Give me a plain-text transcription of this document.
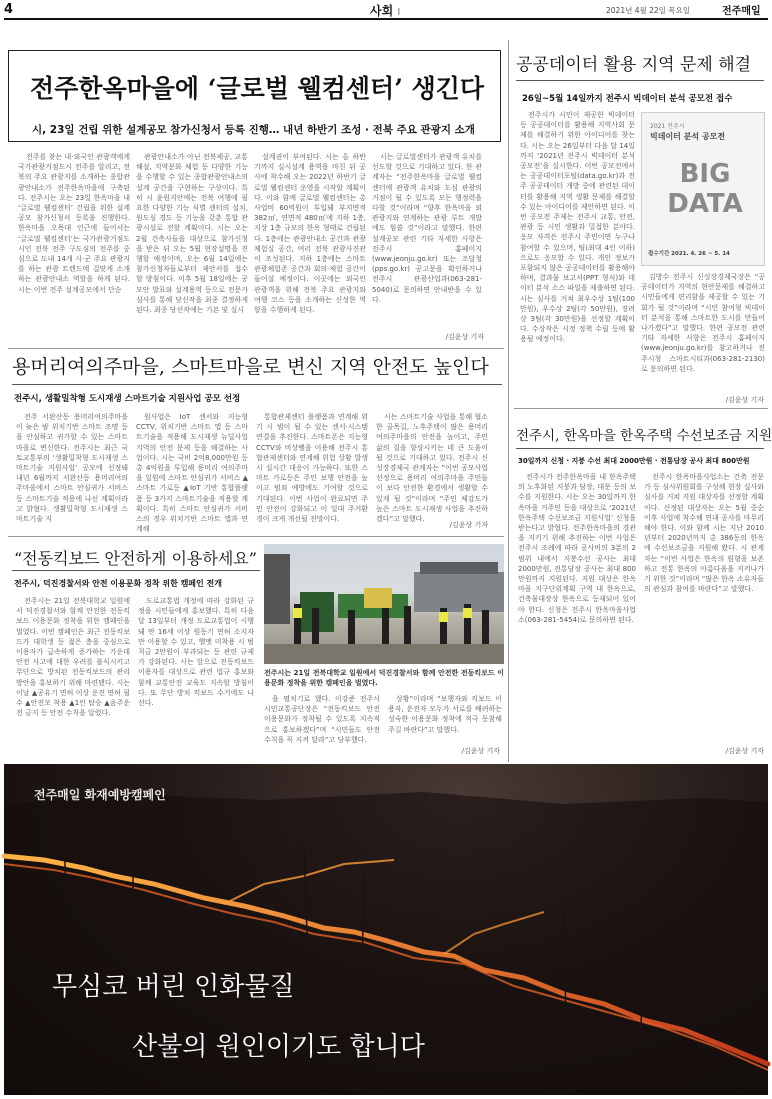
4	사회 I	2021년 4월 22일 목요일	전주매일
전주한옥마을에 ‘글로벌 웰컴센터’ 생긴다
시, 23일 건립 위한 설계공모 참가신청서 등록 진행… 내년 하반기 조성 · 전북 주요 관광지 소개

전주를 찾는 내·외국인 관광객에게 국가관광거점도시 전주를 알리고, 전북의 주요 관광지를 소개하는 종합관광안내소가 전주한옥마을에 구축된다. 전주시는 오는 23일 한옥마을 내 ‘글로벌 웰컴센터’ 건립을 위한 설계공모 참가신청서 등록을 진행한다. 한옥마을 오목대 인근에 들어서는 ‘글로벌 웰컴센터’는 국가관광거점도시인 전북 전주 구도심의 전주를 중심으로 도내 14개 시·군 주요 관광지를 하는 관광 트렌드에 걸맞게 소개하는 관광안내소 역할을 하게 된다. 시는 이번 전주 설계공모에서 단순

관광안내소가 아닌 전북제공, 교통해설, 지역문화 체험 등 다양한 기능을 수행할 수 있는 종합관광안내소의 설계 공간을 구현하는 구상이다. 특히 시 윤원지안에는 전북 여행에 필요한 다양한 기능 식별 센터의 설치, 원도심 경도 등 기능을 갖춘 통합 관광시설로 전할 계획이다. 시는 오는 2월 건축사들을 대상으로 참가신청을 받은 뒤 오는 5월 현장설명을 진행할 예정이며, 오는 6월 14일에는 참가신청자들로부터 제안서를 접수할 방침이다. 이후 5월 18일에는 공모안 발표와 설계용역 등으로 전문가 심사를 통해 당선작을 최종 결정하게 된다. 최종 당선작에는 기본 및 실시

설계권이 부여된다. 시는 올 하반기까지 실시설계 용역을 마친 뒤 공사에 착수해 오는 2022년 하반기 글로벌 웰컴센터 운영을 시작할 계획이다. 이와 함께 글로벌 웰컴센터는 총사업비 60억원이 투입돼 부지면적 382㎡, 연면적 480㎡에 지하 1층, 지상 1층 규모의 한옥 형태로 건립된다. 1층에는 관광안내소 공간과 관광체험실 공간, 여러 전북 관광사진관이 조성된다. 지하 1층에는 스마트 관광체험존 공간과 회의·체험 공간이 들어설 예정이다. 이곳에는 외국인 관광객을 위해 전북 주요 관광지와 여행 코스 등을 소개하는 신성한 역할을 수행하게 된다.

시는 글로벌센터가 관광객 유치를 선도할 것으로 기대하고 있다. 한 관계자는 “전주한옥마을 글로벌 웰컴센터에 관광객 유치와 도심 관광의 거점이 될 수 있도록 모든 행정력을 다할 것”이라며 “향후 한옥마을 외 관광지와 연계하는 관광 루트 개발에도 힘쓸 것”이라고 말했다. 한편 설계공모 관련 기타 자세한 사항은 전주시 홈페이지(www.jeonju.go.kr) 또는 조달청(pps.go.kr) 공고문을 확인하거나 전주시 관광산업과(063-281-5040)로 문의하면 안내받을 수 있다.

/김윤상 기자
공공데이터 활용 지역 문제 해결
26일~5월 14일까지 전주시 빅데이터 분석 공모전 접수

전주시가 시민이 제공한 빅데이터 등 공공데이터를 활용해 지역사회 문제를 해결하기 위한 아이디어를 찾는다. 시는 오는 26일부터 다음 달 14일까지 ‘2021년 전주시 빅데이터 분석 공모전’을 실시한다. 이번 공모전에서는 공공데이터포털(data.go.kr)과 전주 공공데이터 개방 중에 관련된 데이터를 활용해 지역 생활 문제를 해결할 수 있는 아이디어를 제안하면 된다. 이번 공모전 주제는 전주시 교통, 안전, 관광 등 시민 생활과 밀접한 분야다. 응모 자격은 전주시 주민이면 누구나 참여할 수 있으며, 팀(최대 4인 이하)으로도 응모할 수 있다. 개인 정보가 포함되지 않은 공공데이터를 활용해야 하며, 결과물 보고서(PPT 형식)와 데이터 분석 소스 파일을 제출하면 된다. 시는 심사를 거쳐 최우수상 1팀(100만원), 우수상 2팀(각 50만원), 장려상 3팀(각 30만원)을 선정할 계획이다. 수상작은 시정 정책 수립 등에 활용될 예정이다.

2021 전주시
빅데이터 분석 공모전
BIG DATA
접수기간 2021. 4. 26 ~ 5. 14

김방수 전주시 신성장경제국장은 “공공데이터가 지역의 현안문제를 해결하고 시민들에게 편리함을 제공할 수 있는 기회가 될 것”이라며 “시민 참여형 빅데이터 분석을 통해 스마트한 도시를 만들어 나가겠다”고 말했다. 한편 공모전 관련 기타 자세한 사항은 전주시 홈페이지(www.jeonju.go.kr)를 참고하거나 전주시청 스마트시티과(063-281-2130)로 문의하면 된다.

/김윤상 기자
용머리여의주마을, 스마트마을로 변신 지역 안전도 높인다
전주시, 생활밀착형 도시재생 스마트기술 지원사업 공모 선정

전주 서완산동 용머리여의주마을이 늦은 밤 위치기반 스마트 조명 등을 안심하고 귀가할 수 있는 스마트마을로 변신한다. 전주시는 최근 국토교통부의 ‘생활밀착형 도시재생 스마트기술 지원사업’ 공모에 선정돼 내년 6월까지 서완산동 용머리여의주마을에서 스마트 안심귀가 서비스 등 스마트기술 적용에 나선 계획이라고 밝혔다. 생활밀착형 도시재생 스마트기술 지

원사업은 IoT 센서와 지능형 CCTV, 위치기반 스마트 앱 등 스마트기술을 적용해 도시재생 뉴딜사업 지역의 안전 문제 등을 해결하는 사업이다. 시는 국비 2억8,000만원 등 총 4억원을 투입해 용머리 여의주마을 일원에 스마트 안심귀가 서비스 ▲스마트 가로등 ▲IoT 기반 통합플랫폼 등 3가지 스마트기술을 적용할 계획이다. 특히 스마트 안심귀가 서비스의 경우 위치기반 스마트 앱과 연계해

통합관제센터 플랫폼과 연계해 위기 시 범이 될 수 있는 센서·시스템 연결을 추진한다. 스마트폰은 지능형 CCTV와 비상벨을 이용해 전주시 통합관제센터와 연계해 위험 상황 발생 시 실시간 대응이 가능하다. 또한 스마트 가로등은 주민 보행 안전을 높이고 범죄 예방에도 기여할 것으로 기대된다. 이번 사업이 완료되면 주민 안전이 강화되고 이 일대 주거환경이 크게 개선될 전망이다.

시는 스마트기술 사업을 통해 협소한 골목길, 노후주택이 많은 용머리여의주마을의 안전을 높이고, 주민 삶의 질을 향상시키는 데 큰 도움이 될 것으로 기대하고 있다. 전주시 신성장경제국 관계자는 “이번 공모사업 선정으로 용머리 여의주마을 주민들이 보다 안전한 환경에서 생활할 수 있게 될 것”이라며 “주민 체감도가 높은 스마트 도시재생 사업을 추진하겠다”고 말했다.

/김윤상 기자
전주시, 한옥마을 한옥주택 수선보조금 지원
30일까지 신청 · 지붕 수선 최대 2000만원 · 전통담장 공사 최대 800만원

전주시가 전주한옥마을 내 한옥주택의 노후화된 지붕과 담장, 대문 등의 보수를 지원한다. 시는 오는 30일까지 한옥마을 거주민 등을 대상으로 ‘2021년 한옥주택 수선보조금 지원사업’ 신청을 받는다고 밝혔다. 전주한옥마을의 경관을 지키기 위해 추진하는 이번 사업은 전주시 조례에 따라 공사비의 3분의 2 범위 내에서 지붕수선 공사는 최대 2000만원, 전통담장 공사는 최대 800만원까지 지원된다. 지원 대상은 한옥마을 지구단위계획 구역 내 한옥으로, 건축물대장상 한옥으로 등재되어 있어야 한다. 신청은 전주시 한옥마을사업소(063-281-5454)로 문의하면 된다.

전주시 한옥마을사업소는 건축 전문가 등 심사위원회를 구성해 현장 실사와 심사를 거쳐 지원 대상자를 선정할 계획이다. 선정된 대상자는 오는 5월 중순 이후 사업에 착수해 연내 공사를 마무리해야 한다. 이와 함께 시는 지난 2010년부터 2020년까지 총 386동의 한옥에 수선보조금을 지원해 왔다. 시 관계자는 “이번 사업은 한옥의 원형을 보존하고 전통 한옥의 아름다움을 지켜나가기 위한 것”이라며 “많은 한옥 소유자들의 관심과 참여를 바란다”고 말했다.

/김윤상 기자
“전동킥보드 안전하게 이용하세요”
전주시, 덕진경찰서와 안전 이용문화 정착 위한 캠페인 전개

전주시는 21일 전북대학교 일원에서 덕진경찰서와 함께 안전한 전동킥보드 이용문화 정착을 위한 캠페인을 벌였다. 이번 캠페인은 최근 전동킥보드가 대학생 등 젊은 층을 중심으로 이용자가 급속하게 증가하는 가운데 안전 사고에 대한 우려를 불식시키고 무단으로 방치된 전동킥보드의 관리 방안을 홍보하기 위해 마련됐다. 시는 이날 ▲공유기 면허 이상 운전 면허 필수 ▲안전모 착용 ▲1인 탑승 ▲음주운전 금지 등 안전 수칙을 알렸다.

도로교통법 개정에 따라 강화된 규정을 시민들에게 홍보했다. 특히 다음 달 13일부터 개정 도로교통법이 시행돼 만 16세 이상 원동기 면허 소지자만 이용할 수 있고, 헬멧 미착용 시 범칙금 2만원이 부과되는 등 관련 규제가 강화된다. 시는 앞으로 전동킥보드 이용자를 대상으로 관련 법규 홍보와 함께 교통안전 교육도 지속할 방침이다. 또 무단 방치 킥보드 수거에도 나선다.

전주시는 21일 전북대학교 일원에서 덕진경찰서와 함께 안전한 전동킥보드 이용문화 정착을 위한 캠페인을 벌였다.

을 펼치기로 했다. 이강준 전주시 시민교통공단장은 “전동킥보드 안전 이용문화가 정착될 수 있도록 지속적으로 홍보하겠다”며 “시민들도 안전 수칙을 꼭 지켜 달라”고 당부했다.

상황”이라며 “보행자와 킥보드 이용자, 운전자 모두가 서로를 배려하는 성숙한 이용문화 정착에 적극 동참해 주길 바란다”고 말했다.

/김윤상 기자
전주매일 화재예방캠페인
무심코 버린 인화물질
산불의 원인이기도 합니다
